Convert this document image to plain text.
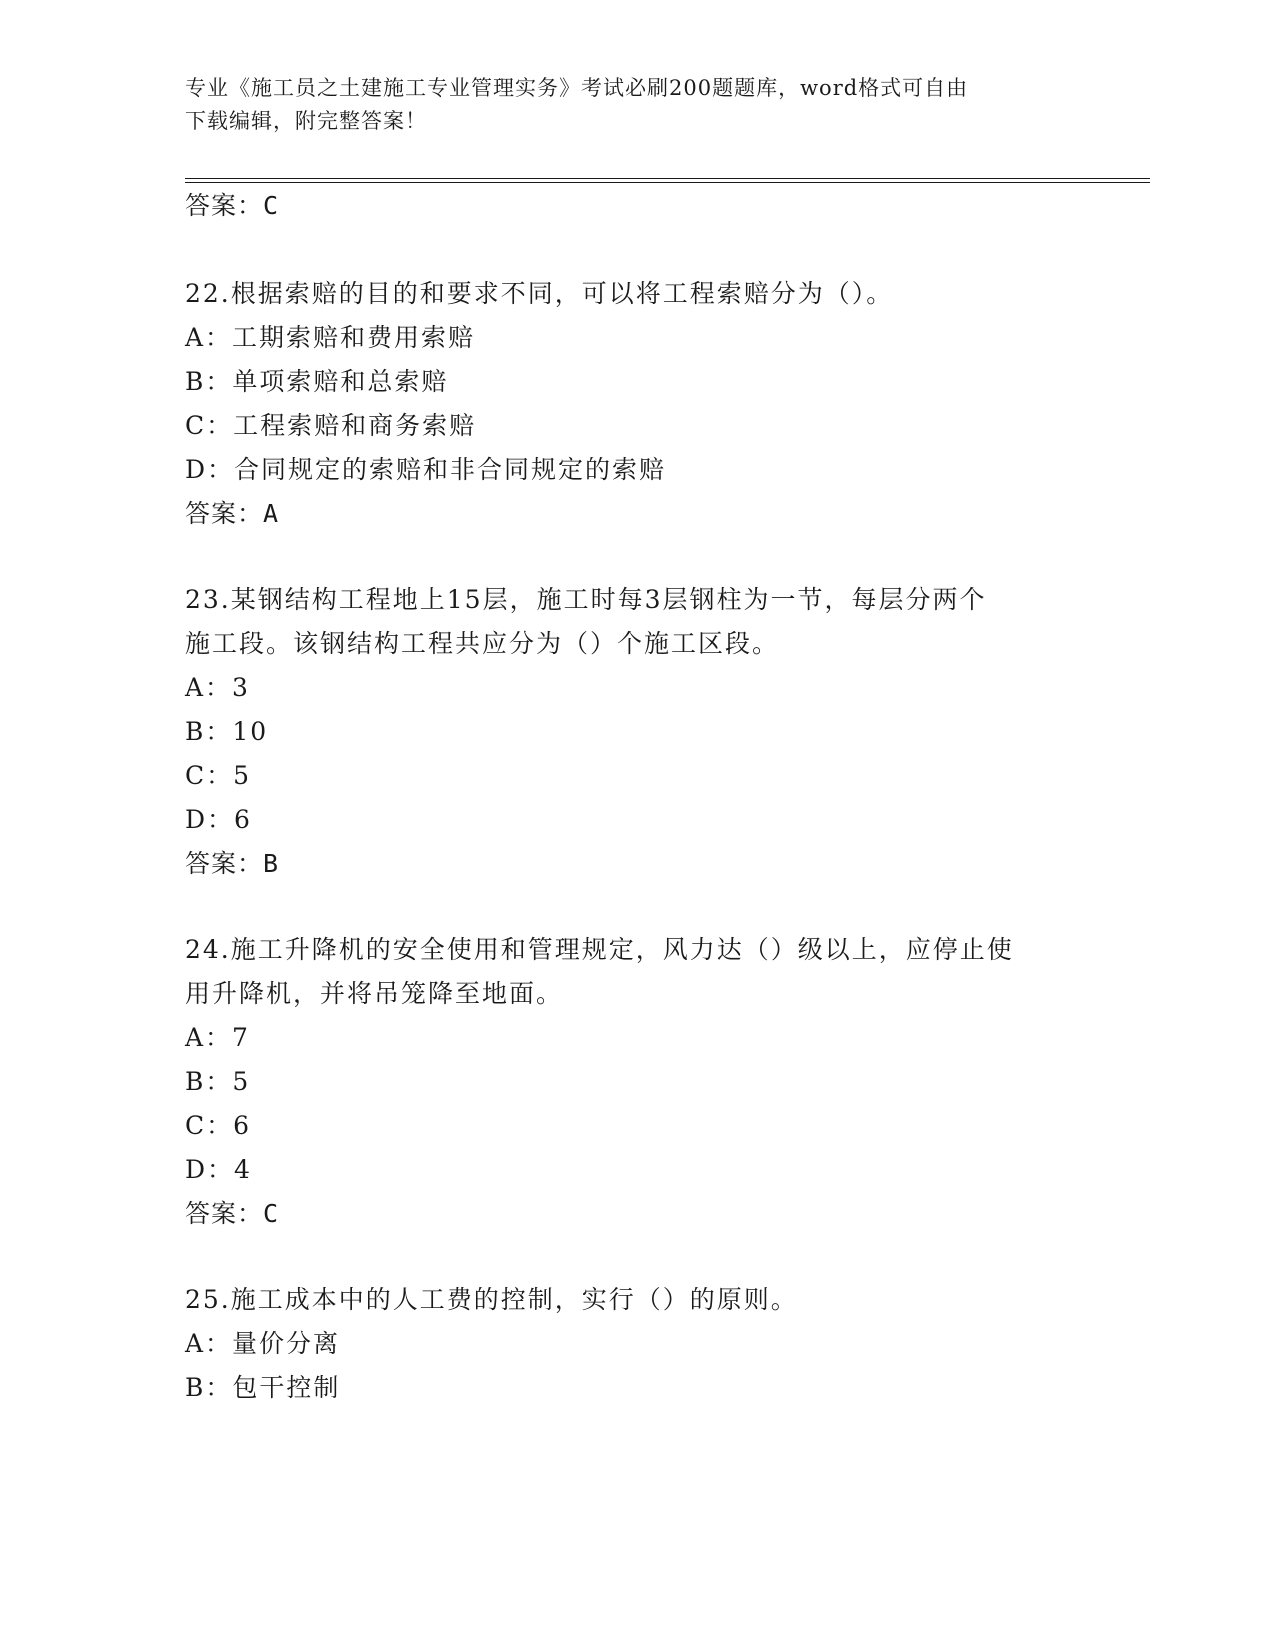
专业《施工员之土建施工专业管理实务》考试必刷200题题库，word格式可自由
下载编辑，附完整答案！
答案：C
22.根据索赔的目的和要求不同，可以将工程索赔分为（）。
A：工期索赔和费用索赔
B：单项索赔和总索赔
C：工程索赔和商务索赔
D：合同规定的索赔和非合同规定的索赔
答案：A
23.某钢结构工程地上15层，施工时每3层钢柱为一节，每层分两个
施工段。该钢结构工程共应分为（）个施工区段。
A：3
B：10
C：5
D：6
答案：B
24.施工升降机的安全使用和管理规定，风力达（）级以上，应停止使
用升降机，并将吊笼降至地面。
A：7
B：5
C：6
D：4
答案：C
25.施工成本中的人工费的控制，实行（）的原则。
A：量价分离
B：包干控制
